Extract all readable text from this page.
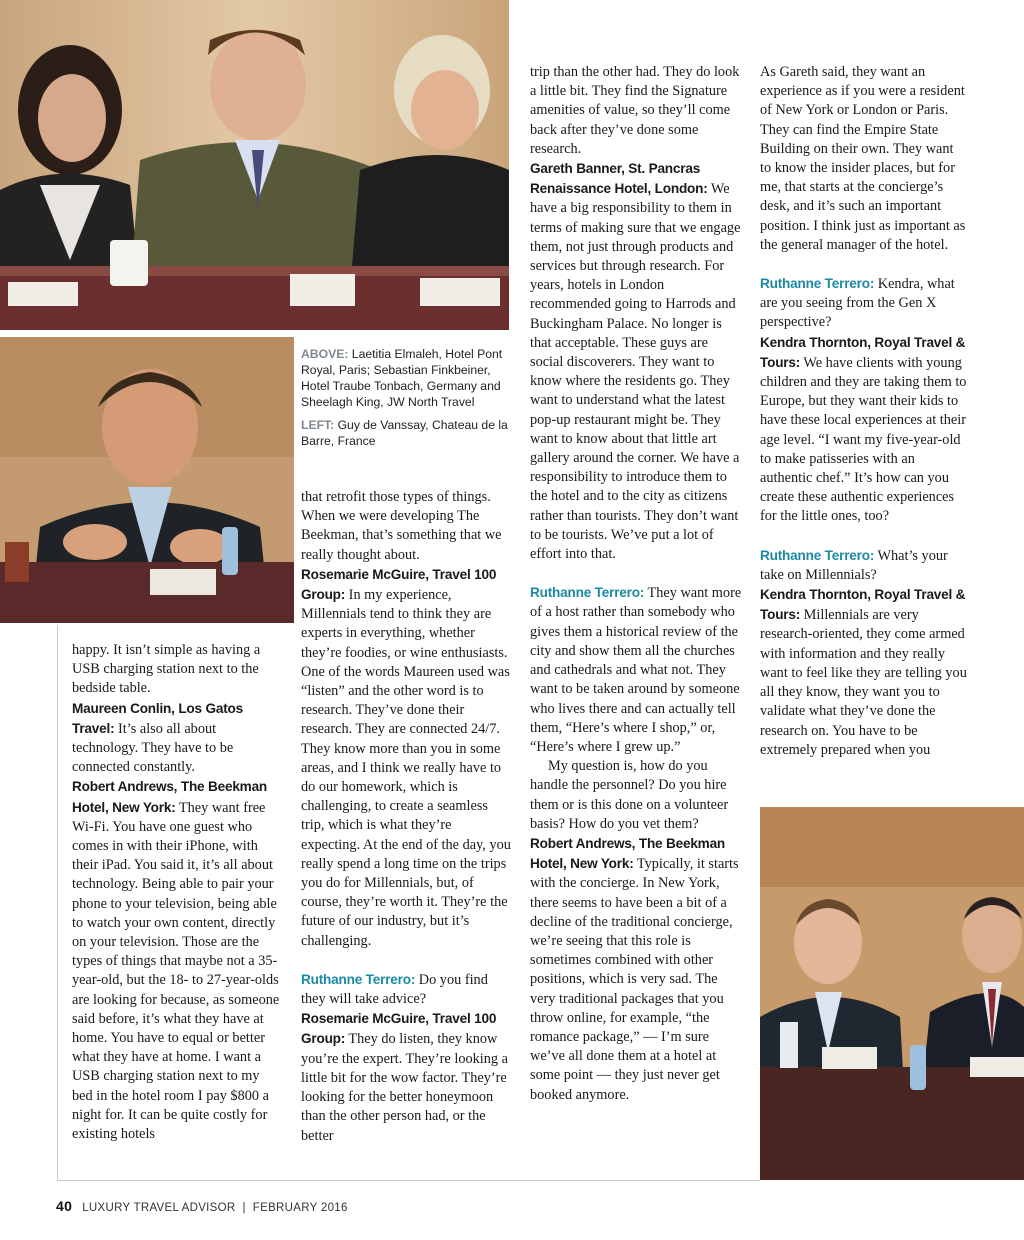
ABOVE: Laetitia Elmaleh, Hotel Pont Royal, Paris; Sebastian Finkbeiner, Hotel Traube Tonbach, Germany and Sheelagh King, JW North Travel

LEFT: Guy de Vanssay, Chateau de la Barre, France

happy. It isn’t simple as having a USB charging station next to the bedside table.

Maureen Conlin, Los Gatos Travel: It’s also all about technology. They have to be connected constantly.

Robert Andrews, The Beekman Hotel, New York: They want free Wi-Fi. You have one guest who comes in with their iPhone, with their iPad. You said it, it’s all about technology. Being able to pair your phone to your television, being able to watch your own content, directly on your television. Those are the types of things that maybe not a 35-year-old, but the 18- to 27-year-olds are looking for because, as someone said before, it’s what they have at home. You have to equal or better what they have at home. I want a USB charging station next to my bed in the hotel room I pay $800 a night for. It can be quite costly for existing hotels

that retrofit those types of things. When we were developing The Beekman, that’s something that we really thought about.

Rosemarie McGuire, Travel 100 Group: In my experience, Millennials tend to think they are experts in everything, whether they’re foodies, or wine enthusiasts. One of the words Maureen used was “listen” and the other word is to research. They’ve done their research. They are connected 24/7. They know more than you in some areas, and I think we really have to do our homework, which is challenging, to create a seamless trip, which is what they’re expecting. At the end of the day, you really spend a long time on the trips you do for Millennials, but, of course, they’re worth it. They’re the future of our industry, but it’s challenging.

Ruthanne Terrero: Do you find they will take advice?

Rosemarie McGuire, Travel 100 Group: They do listen, they know you’re the expert. They’re looking a little bit for the wow factor. They’re looking for the better honeymoon than the other person had, or the better

trip than the other had. They do look a little bit. They find the Signature amenities of value, so they’ll come back after they’ve done some research.

Gareth Banner, St. Pancras Renaissance Hotel, London: We have a big responsibility to them in terms of making sure that we engage them, not just through products and services but through research. For years, hotels in London recommended going to Harrods and Buckingham Palace. No longer is that acceptable. These guys are social discoverers. They want to know where the residents go. They want to understand what the latest pop-up restaurant might be. They want to know about that little art gallery around the corner. We have a responsibility to introduce them to the hotel and to the city as citizens rather than tourists. They don’t want to be tourists. We’ve put a lot of effort into that.

Ruthanne Terrero: They want more of a host rather than somebody who gives them a historical review of the city and show them all the churches and cathedrals and what not. They want to be taken around by someone who lives there and can actually tell them, “Here’s where I shop,” or, “Here’s where I grew up.”

My question is, how do you handle the personnel? Do you hire them or is this done on a volunteer basis? How do you vet them?

Robert Andrews, The Beekman Hotel, New York: Typically, it starts with the concierge. In New York, there seems to have been a bit of a decline of the traditional concierge, we’re seeing that this role is sometimes combined with other positions, which is very sad. The very traditional packages that you throw online, for example, “the romance package,” — I’m sure we’ve all done them at a hotel at some point — they just never get booked anymore.

As Gareth said, they want an experience as if you were a resident of New York or London or Paris. They can find the Empire State Building on their own. They want to know the insider places, but for me, that starts at the concierge’s desk, and it’s such an important position. I think just as important as the general manager of the hotel.

Ruthanne Terrero: Kendra, what are you seeing from the Gen X perspective?

Kendra Thornton, Royal Travel & Tours: We have clients with young children and they are taking them to Europe, but they want their kids to have these local experiences at their age level. “I want my five-year-old to make patisseries with an authentic chef.” It’s how can you create these authentic experiences for the little ones, too?

Ruthanne Terrero: What’s your take on Millennials?

Kendra Thornton, Royal Travel & Tours: Millennials are very research-oriented, they come armed with information and they really want to feel like they are telling you all they know, they want you to validate what they’ve done the research on. You have to be extremely prepared when you

40 LUXURY TRAVEL ADVISOR | FEBRUARY 2016
